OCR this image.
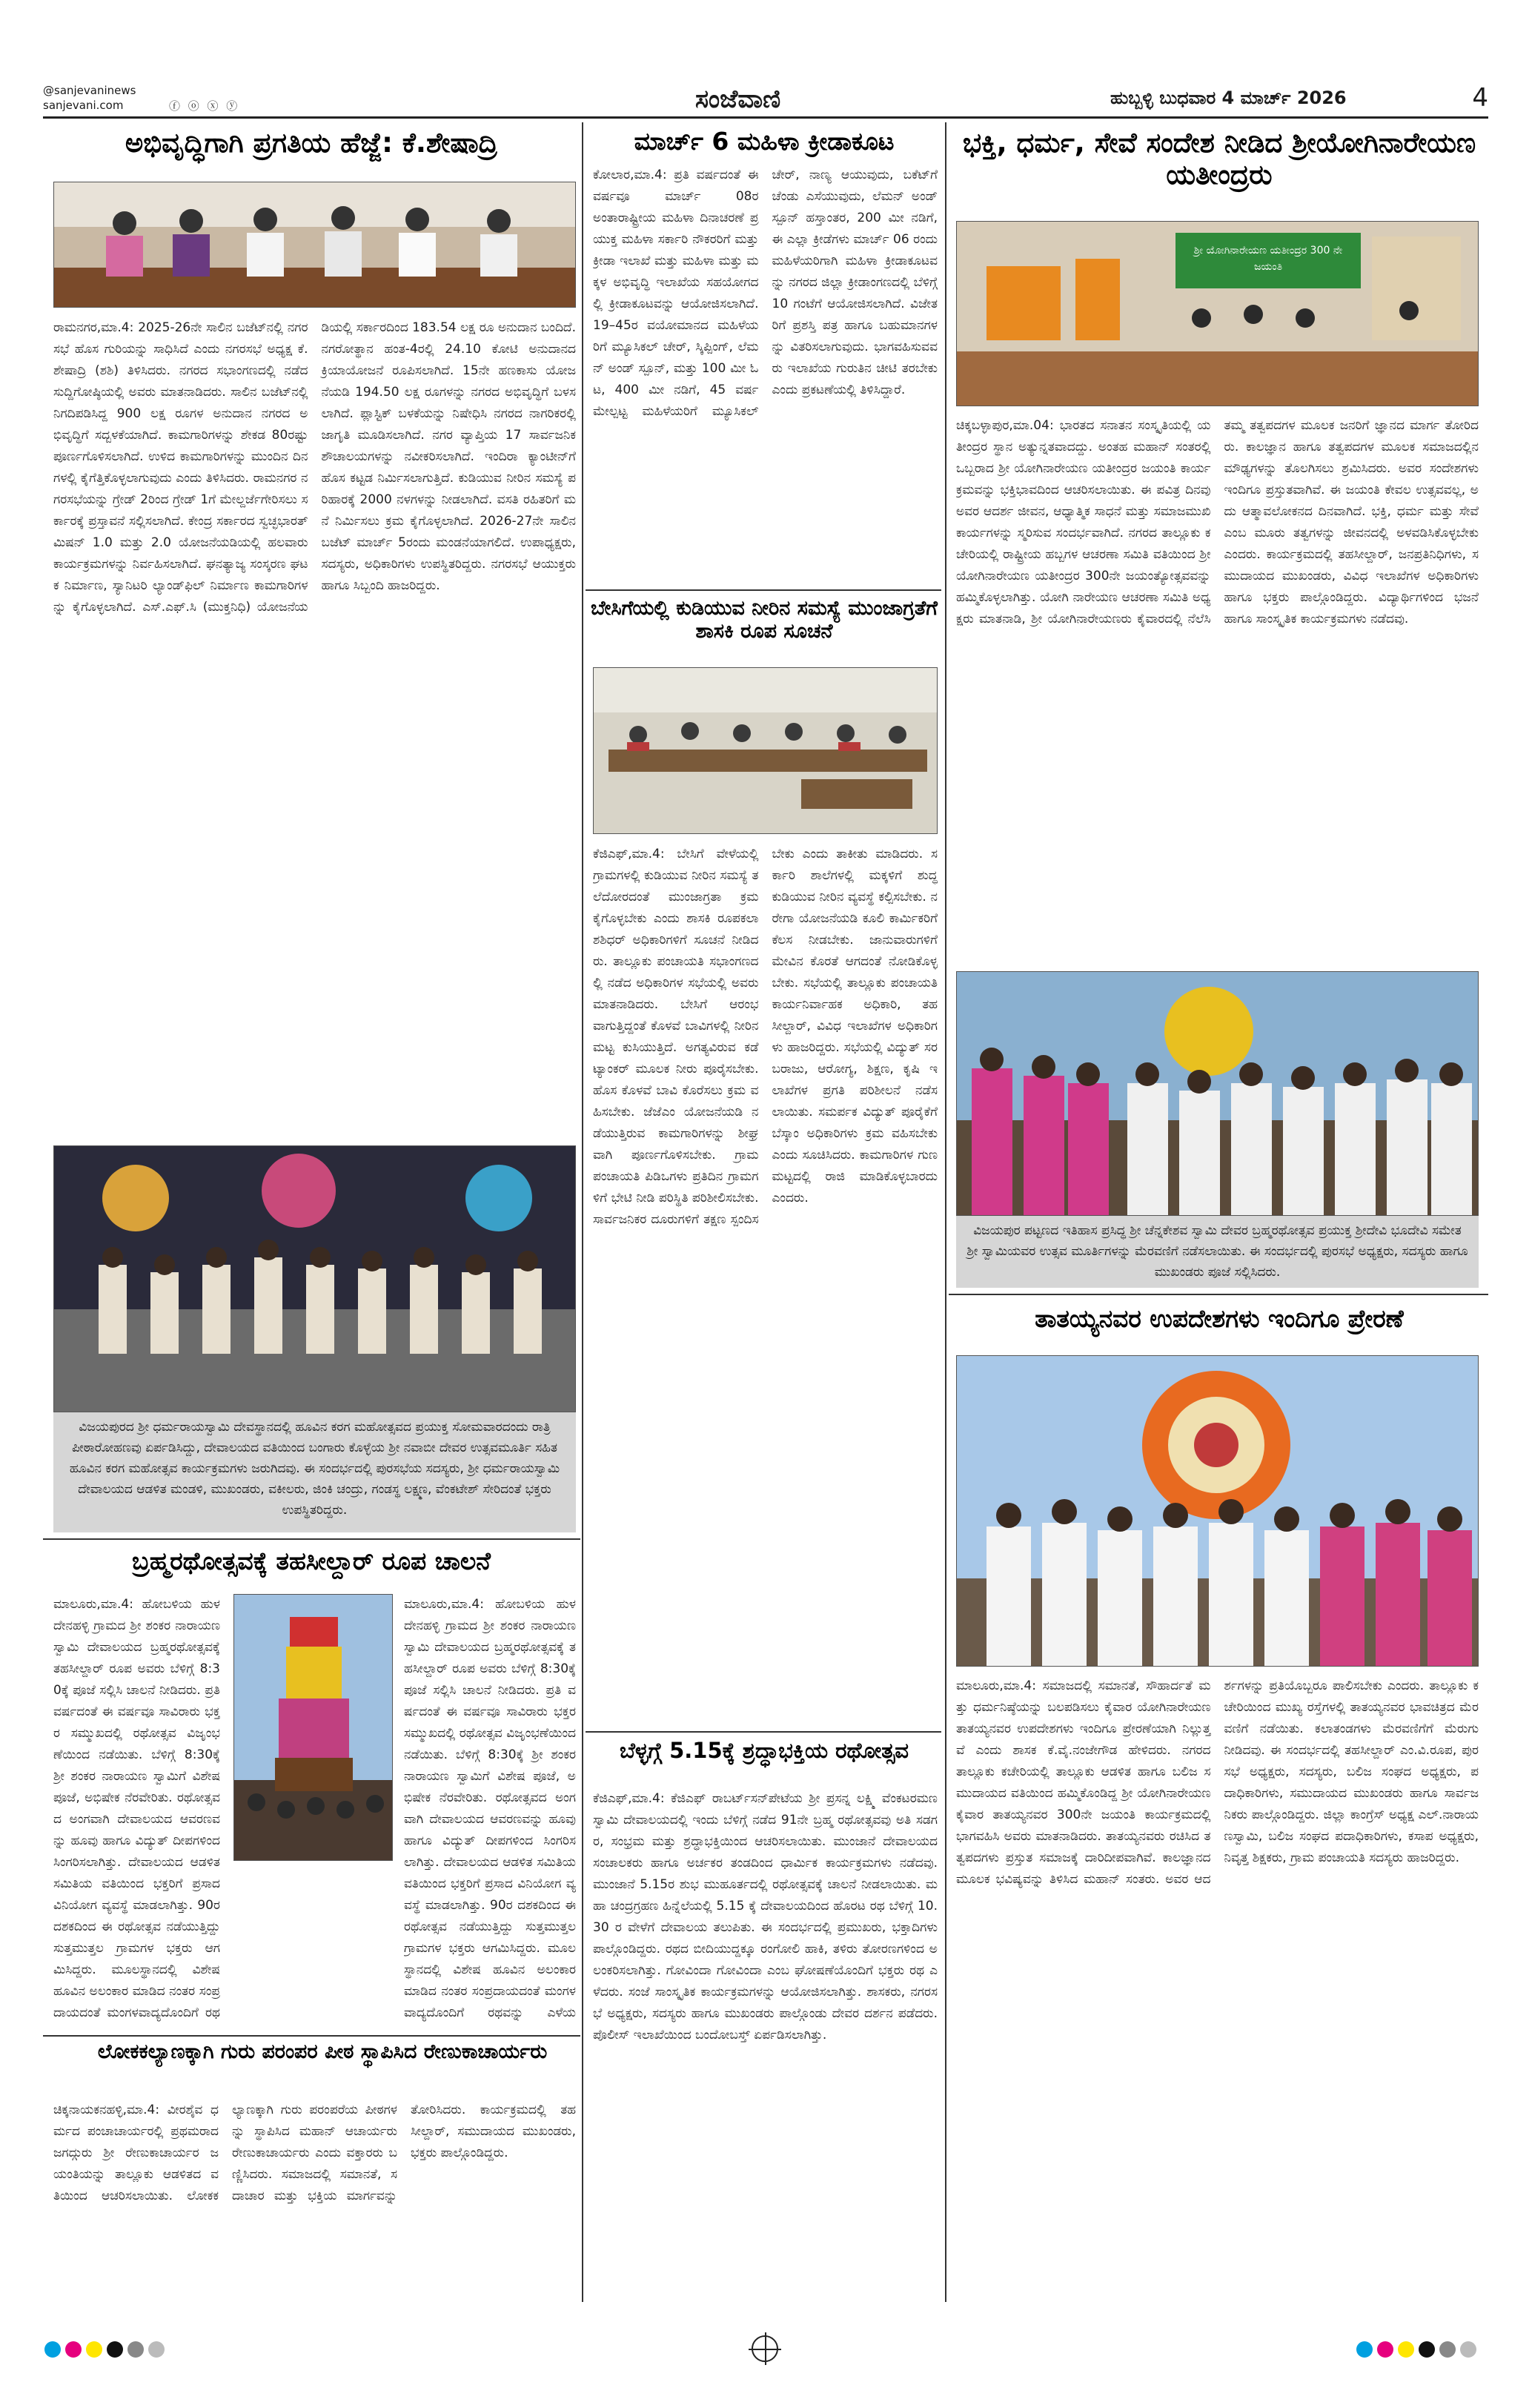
@sanjevaninews
sanjevani.com	ⓕ ⓞ ⓧ ⓨ	ಸಂಜೆವಾಣಿ	ಹುಬ್ಬಳ್ಳಿ ಬುಧವಾರ 4 ಮಾರ್ಚ್ 2026	4
ಅಭಿವೃದ್ಧಿಗಾಗಿ ಪ್ರಗತಿಯ ಹೆಜ್ಜೆ: ಕೆ.ಶೇಷಾದ್ರಿ
ರಾಮನಗರ,ಮಾ.4: 2025-26ನೇ ಸಾಲಿನ ಬಜೆಟ್‌ನಲ್ಲಿ ನಗರಸಭೆ ಹೊಸ ಗುರಿಯನ್ನು ಸಾಧಿಸಿದೆ ಎಂದು ನಗರಸಭೆ ಅಧ್ಯಕ್ಷ ಕೆ.ಶೇಷಾದ್ರಿ (ಶಶಿ) ತಿಳಿಸಿದರು. ನಗರದ ಸಭಾಂಗಣದಲ್ಲಿ ನಡೆದ ಸುದ್ದಿಗೋಷ್ಠಿಯಲ್ಲಿ ಅವರು ಮಾತನಾಡಿದರು. ಸಾಲಿನ ಬಜೆಟ್‌ನಲ್ಲಿ ನಿಗದಿಪಡಿಸಿದ್ದ 900 ಲಕ್ಷ ರೂಗಳ ಅನುದಾನ ನಗರದ ಅಭಿವೃದ್ಧಿಗೆ ಸದ್ಬಳಕೆಯಾಗಿದೆ. ಕಾಮಗಾರಿಗಳನ್ನು ಶೇಕಡ 80ರಷ್ಟು ಪೂರ್ಣಗೊಳಿಸಲಾಗಿದೆ. ಉಳಿದ ಕಾಮಗಾರಿಗಳನ್ನು ಮುಂದಿನ ದಿನಗಳಲ್ಲಿ ಕೈಗೆತ್ತಿಕೊಳ್ಳಲಾಗುವುದು ಎಂದು ತಿಳಿಸಿದರು. ರಾಮನಗರ ನಗರಸಭೆಯನ್ನು ಗ್ರೇಡ್ 2ರಿಂದ ಗ್ರೇಡ್ 1ಗೆ ಮೇಲ್ದರ್ಜೆಗೇರಿಸಲು ಸರ್ಕಾರಕ್ಕೆ ಪ್ರಸ್ತಾವನೆ ಸಲ್ಲಿಸಲಾಗಿದೆ. ಕೇಂದ್ರ ಸರ್ಕಾರದ ಸ್ವಚ್ಛಭಾರತ್ ಮಿಷನ್ 1.0 ಮತ್ತು 2.0 ಯೋಜನೆಯಡಿಯಲ್ಲಿ ಹಲವಾರು ಕಾರ್ಯಕ್ರಮಗಳನ್ನು ನಿರ್ವಹಿಸಲಾಗಿದೆ. ಘನತ್ಯಾಜ್ಯ ಸಂಸ್ಕರಣ ಘಟಕ ನಿರ್ಮಾಣ, ಸ್ಯಾನಿಟರಿ ಲ್ಯಾಂಡ್‌ಫಿಲ್ ನಿರ್ಮಾಣ ಕಾಮಗಾರಿಗಳನ್ನು ಕೈಗೊಳ್ಳಲಾಗಿದೆ. ಎಸ್.ಎಫ್.ಸಿ (ಮುಕ್ತನಿಧಿ) ಯೋಜನೆಯಡಿಯಲ್ಲಿ ಸರ್ಕಾರದಿಂದ 183.54 ಲಕ್ಷ ರೂ ಅನುದಾನ ಬಂದಿದೆ. ನಗರೋತ್ಥಾನ ಹಂತ-4ರಲ್ಲಿ 24.10 ಕೋಟಿ ಅನುದಾನದ ಕ್ರಿಯಾಯೋಜನೆ ರೂಪಿಸಲಾಗಿದೆ. 15ನೇ ಹಣಕಾಸು ಯೋಜನೆಯಡಿ 194.50 ಲಕ್ಷ ರೂಗಳನ್ನು ನಗರದ ಅಭಿವೃದ್ಧಿಗೆ ಬಳಸಲಾಗಿದೆ. ಪ್ಲಾಸ್ಟಿಕ್ ಬಳಕೆಯನ್ನು ನಿಷೇಧಿಸಿ ನಗರದ ನಾಗರಿಕರಲ್ಲಿ ಜಾಗೃತಿ ಮೂಡಿಸಲಾಗಿದೆ. ನಗರ ವ್ಯಾಪ್ತಿಯ 17 ಸಾರ್ವಜನಿಕ ಶೌಚಾಲಯಗಳನ್ನು ನವೀಕರಿಸಲಾಗಿದೆ. ಇಂದಿರಾ ಕ್ಯಾಂಟೀನ್‌ಗೆ ಹೊಸ ಕಟ್ಟಡ ನಿರ್ಮಿಸಲಾಗುತ್ತಿದೆ. ಕುಡಿಯುವ ನೀರಿನ ಸಮಸ್ಯೆ ಪರಿಹಾರಕ್ಕೆ 2000 ನಳಗಳನ್ನು ನೀಡಲಾಗಿದೆ. ವಸತಿ ರಹಿತರಿಗೆ ಮನೆ ನಿರ್ಮಿಸಲು ಕ್ರಮ ಕೈಗೊಳ್ಳಲಾಗಿದೆ. 2026-27ನೇ ಸಾಲಿನ ಬಜೆಟ್ ಮಾರ್ಚ್ 5ರಂದು ಮಂಡನೆಯಾಗಲಿದೆ. ಉಪಾಧ್ಯಕ್ಷರು, ಸದಸ್ಯರು, ಅಧಿಕಾರಿಗಳು ಉಪಸ್ಥಿತರಿದ್ದರು. ನಗರಸಭೆ ಆಯುಕ್ತರು ಹಾಗೂ ಸಿಬ್ಬಂದಿ ಹಾಜರಿದ್ದರು.
ವಿಜಯಪುರದ ಶ್ರೀ ಧರ್ಮರಾಯಸ್ವಾಮಿ ದೇವಸ್ಥಾನದಲ್ಲಿ ಹೂವಿನ ಕರಗ ಮಹೋತ್ಸವದ ಪ್ರಯುಕ್ತ ಸೋಮವಾರದಂದು ರಾತ್ರಿ ಪೀಠಾರೋಹಣವು ಏರ್ಪಡಿಸಿದ್ದು, ದೇವಾಲಯದ ವತಿಯಿಂದ ಬಂಗಾರು ಕೊಳ್ಳೆಯ ಶ್ರೀ ನವಾಬೀ ದೇವರ ಉತ್ಸವಮೂರ್ತಿ ಸಹಿತ ಹೂವಿನ ಕರಗ ಮಹೋತ್ಸವ ಕಾರ್ಯಕ್ರಮಗಳು ಜರುಗಿದವು. ಈ ಸಂದರ್ಭದಲ್ಲಿ ಪುರಸಭೆಯ ಸದಸ್ಯರು, ಶ್ರೀ ಧರ್ಮರಾಯಸ್ವಾಮಿ ದೇವಾಲಯದ ಆಡಳಿತ ಮಂಡಳಿ, ಮುಖಂಡರು, ವಕೀಲರು, ಜಿಂಕಿ ಚಂದ್ರು, ಗಂಡಸ್ಥ ಲಕ್ಷ್ಮಣ, ವೆಂಕಟೇಶ್ ಸೇರಿದಂತೆ ಭಕ್ತರು ಉಪಸ್ಥಿತರಿದ್ದರು.
ಬ್ರಹ್ಮರಥೋತ್ಸವಕ್ಕೆ ತಹಸೀಲ್ದಾರ್ ರೂಪ ಚಾಲನೆ
ಮಾಲೂರು,ಮಾ.4: ಹೋಬಳಿಯ ಹುಳದೇನಹಳ್ಳಿ ಗ್ರಾಮದ ಶ್ರೀ ಶಂಕರ ನಾರಾಯಣಸ್ವಾಮಿ ದೇವಾಲಯದ ಬ್ರಹ್ಮರಥೋತ್ಸವಕ್ಕೆ ತಹಸೀಲ್ದಾರ್ ರೂಪ ಅವರು ಬೆಳಿಗ್ಗೆ 8:30ಕ್ಕೆ ಪೂಜೆ ಸಲ್ಲಿಸಿ ಚಾಲನೆ ನೀಡಿದರು. ಪ್ರತಿ ವರ್ಷದಂತೆ ಈ ವರ್ಷವೂ ಸಾವಿರಾರು ಭಕ್ತರ ಸಮ್ಮುಖದಲ್ಲಿ ರಥೋತ್ಸವ ವಿಜೃಂಭಣೆಯಿಂದ ನಡೆಯಿತು. ಬೆಳಿಗ್ಗೆ 8:30ಕ್ಕೆ ಶ್ರೀ ಶಂಕರ ನಾರಾಯಣ ಸ್ವಾಮಿಗೆ ವಿಶೇಷ ಪೂಜೆ, ಅಭಿಷೇಕ ನೆರವೇರಿತು. ರಥೋತ್ಸವದ ಅಂಗವಾಗಿ ದೇವಾಲಯದ ಆವರಣವನ್ನು ಹೂವು ಹಾಗೂ ವಿದ್ಯುತ್ ದೀಪಗಳಿಂದ ಸಿಂಗರಿಸಲಾಗಿತ್ತು. ದೇವಾಲಯದ ಆಡಳಿತ ಸಮಿತಿಯ ವತಿಯಿಂದ ಭಕ್ತರಿಗೆ ಪ್ರಸಾದ ವಿನಿಯೋಗ ವ್ಯವಸ್ಥೆ ಮಾಡಲಾಗಿತ್ತು. 90ರ ದಶಕದಿಂದ ಈ ರಥೋತ್ಸವ ನಡೆಯುತ್ತಿದ್ದು ಸುತ್ತಮುತ್ತಲ ಗ್ರಾಮಗಳ ಭಕ್ತರು ಆಗಮಿಸಿದ್ದರು. ಮೂಲಸ್ಥಾನದಲ್ಲಿ ವಿಶೇಷ ಹೂವಿನ ಅಲಂಕಾರ ಮಾಡಿದ ನಂತರ ಸಂಪ್ರದಾಯದಂತೆ ಮಂಗಳವಾದ್ಯದೊಂದಿಗೆ ರಥ
ಮಾಲೂರು,ಮಾ.4: ಹೋಬಳಿಯ ಹುಳದೇನಹಳ್ಳಿ ಗ್ರಾಮದ ಶ್ರೀ ಶಂಕರ ನಾರಾಯಣಸ್ವಾಮಿ ದೇವಾಲಯದ ಬ್ರಹ್ಮರಥೋತ್ಸವಕ್ಕೆ ತಹಸೀಲ್ದಾರ್ ರೂಪ ಅವರು ಬೆಳಿಗ್ಗೆ 8:30ಕ್ಕೆ ಪೂಜೆ ಸಲ್ಲಿಸಿ ಚಾಲನೆ ನೀಡಿದರು. ಪ್ರತಿ ವರ್ಷದಂತೆ ಈ ವರ್ಷವೂ ಸಾವಿರಾರು ಭಕ್ತರ ಸಮ್ಮುಖದಲ್ಲಿ ರಥೋತ್ಸವ ವಿಜೃಂಭಣೆಯಿಂದ ನಡೆಯಿತು. ಬೆಳಿಗ್ಗೆ 8:30ಕ್ಕೆ ಶ್ರೀ ಶಂಕರ ನಾರಾಯಣ ಸ್ವಾಮಿಗೆ ವಿಶೇಷ ಪೂಜೆ, ಅಭಿಷೇಕ ನೆರವೇರಿತು. ರಥೋತ್ಸವದ ಅಂಗವಾಗಿ ದೇವಾಲಯದ ಆವರಣವನ್ನು ಹೂವು ಹಾಗೂ ವಿದ್ಯುತ್ ದೀಪಗಳಿಂದ ಸಿಂಗರಿಸಲಾಗಿತ್ತು. ದೇವಾಲಯದ ಆಡಳಿತ ಸಮಿತಿಯ ವತಿಯಿಂದ ಭಕ್ತರಿಗೆ ಪ್ರಸಾದ ವಿನಿಯೋಗ ವ್ಯವಸ್ಥೆ ಮಾಡಲಾಗಿತ್ತು. 90ರ ದಶಕದಿಂದ ಈ ರಥೋತ್ಸವ ನಡೆಯುತ್ತಿದ್ದು ಸುತ್ತಮುತ್ತಲ ಗ್ರಾಮಗಳ ಭಕ್ತರು ಆಗಮಿಸಿದ್ದರು. ಮೂಲಸ್ಥಾನದಲ್ಲಿ ವಿಶೇಷ ಹೂವಿನ ಅಲಂಕಾರ ಮಾಡಿದ ನಂತರ ಸಂಪ್ರದಾಯದಂತೆ ಮಂಗಳವಾದ್ಯದೊಂದಿಗೆ ರಥವನ್ನು ಎಳೆಯ
ಲೋಕಕಲ್ಯಾಣಕ್ಕಾಗಿ ಗುರು ಪರಂಪರ ಪೀಠ ಸ್ಥಾಪಿಸಿದ ರೇಣುಕಾಚಾರ್ಯರು
ಚಿಕ್ಕನಾಯಕನಹಳ್ಳಿ,ಮಾ.4: ವೀರಶೈವ ಧರ್ಮದ ಪಂಚಾಚಾರ್ಯರಲ್ಲಿ ಪ್ರಥಮರಾದ ಜಗದ್ಗುರು ಶ್ರೀ ರೇಣುಕಾಚಾರ್ಯರ ಜಯಂತಿಯನ್ನು ತಾಲ್ಲೂಕು ಆಡಳಿತದ ವತಿಯಿಂದ ಆಚರಿಸಲಾಯಿತು. ಲೋಕಕಲ್ಯಾಣಕ್ಕಾಗಿ ಗುರು ಪರಂಪರೆಯ ಪೀಠಗಳನ್ನು ಸ್ಥಾಪಿಸಿದ ಮಹಾನ್ ಆಚಾರ್ಯರು ರೇಣುಕಾಚಾರ್ಯರು ಎಂದು ವಕ್ತಾರರು ಬಣ್ಣಿಸಿದರು. ಸಮಾಜದಲ್ಲಿ ಸಮಾನತೆ, ಸದಾಚಾರ ಮತ್ತು ಭಕ್ತಿಯ ಮಾರ್ಗವನ್ನು ತೋರಿಸಿದರು. ಕಾರ್ಯಕ್ರಮದಲ್ಲಿ ತಹಸೀಲ್ದಾರ್, ಸಮುದಾಯದ ಮುಖಂಡರು, ಭಕ್ತರು ಪಾಲ್ಗೊಂಡಿದ್ದರು.
ಮಾರ್ಚ್ 6 ಮಹಿಳಾ ಕ್ರೀಡಾಕೂಟ
ಕೋಲಾರ,ಮಾ.4: ಪ್ರತಿ ವರ್ಷದಂತೆ ಈ ವರ್ಷವೂ ಮಾರ್ಚ್ 08ರ ಅಂತಾರಾಷ್ಟ್ರೀಯ ಮಹಿಳಾ ದಿನಾಚರಣೆ ಪ್ರಯುಕ್ತ ಮಹಿಳಾ ಸರ್ಕಾರಿ ನೌಕರರಿಗೆ ಮತ್ತು ಕ್ರೀಡಾ ಇಲಾಖೆ ಮತ್ತು ಮಹಿಳಾ ಮತ್ತು ಮಕ್ಕಳ ಅಭಿವೃದ್ಧಿ ಇಲಾಖೆಯ ಸಹಯೋಗದಲ್ಲಿ ಕ್ರೀಡಾಕೂಟವನ್ನು ಆಯೋಜಿಸಲಾಗಿದೆ. 19–45ರ ವಯೋಮಾನದ ಮಹಿಳೆಯರಿಗೆ ಮ್ಯೂಸಿಕಲ್ ಚೇರ್, ಸ್ಕಿಪ್ಪಿಂಗ್, ಲೆಮನ್ ಅಂಡ್ ಸ್ಪೂನ್, ಮತ್ತು 100 ಮೀ ಓಟ, 400 ಮೀ ನಡಿಗೆ, 45 ವರ್ಷ ಮೇಲ್ಪಟ್ಟ ಮಹಿಳೆಯರಿಗೆ ಮ್ಯೂಸಿಕಲ್ ಚೇರ್, ನಾಣ್ಯ ಆಯುವುದು, ಬಕೆಟ್‌ಗೆ ಚೆಂಡು ಎಸೆಯುವುದು, ಲೆಮನ್ ಅಂಡ್ ಸ್ಪೂನ್ ಹಸ್ತಾಂತರ, 200 ಮೀ ನಡಿಗೆ, ಈ ಎಲ್ಲಾ ಕ್ರೀಡೆಗಳು ಮಾರ್ಚ್ 06 ರಂದು ಮಹಿಳೆಯರಿಗಾಗಿ ಮಹಿಳಾ ಕ್ರೀಡಾಕೂಟವನ್ನು ನಗರದ ಜಿಲ್ಲಾ ಕ್ರೀಡಾಂಗಣದಲ್ಲಿ ಬೆಳಿಗ್ಗೆ 10 ಗಂಟೆಗೆ ಆಯೋಜಿಸಲಾಗಿದೆ. ವಿಜೇತರಿಗೆ ಪ್ರಶಸ್ತಿ ಪತ್ರ ಹಾಗೂ ಬಹುಮಾನಗಳನ್ನು ವಿತರಿಸಲಾಗುವುದು. ಭಾಗವಹಿಸುವವರು ಇಲಾಖೆಯ ಗುರುತಿನ ಚೀಟಿ ತರಬೇಕು ಎಂದು ಪ್ರಕಟಣೆಯಲ್ಲಿ ತಿಳಿಸಿದ್ದಾರೆ.
ಬೇಸಿಗೆಯಲ್ಲಿ ಕುಡಿಯುವ ನೀರಿನ ಸಮಸ್ಯೆ ಮುಂಜಾಗ್ರತೆಗೆ ಶಾಸಕಿ ರೂಪ ಸೂಚನೆ
ಕೆಜಿಎಫ್,ಮಾ.4: ಬೇಸಿಗೆ ವೇಳೆಯಲ್ಲಿ ಗ್ರಾಮಗಳಲ್ಲಿ ಕುಡಿಯುವ ನೀರಿನ ಸಮಸ್ಯೆ ತಲೆದೋರದಂತೆ ಮುಂಜಾಗ್ರತಾ ಕ್ರಮ ಕೈಗೊಳ್ಳಬೇಕು ಎಂದು ಶಾಸಕಿ ರೂಪಕಲಾ ಶಶಿಧರ್ ಅಧಿಕಾರಿಗಳಿಗೆ ಸೂಚನೆ ನೀಡಿದರು. ತಾಲ್ಲೂಕು ಪಂಚಾಯತಿ ಸಭಾಂಗಣದಲ್ಲಿ ನಡೆದ ಅಧಿಕಾರಿಗಳ ಸಭೆಯಲ್ಲಿ ಅವರು ಮಾತನಾಡಿದರು. ಬೇಸಿಗೆ ಆರಂಭವಾಗುತ್ತಿದ್ದಂತೆ ಕೊಳವೆ ಬಾವಿಗಳಲ್ಲಿ ನೀರಿನ ಮಟ್ಟ ಕುಸಿಯುತ್ತಿದೆ. ಅಗತ್ಯವಿರುವ ಕಡೆ ಟ್ಯಾಂಕರ್ ಮೂಲಕ ನೀರು ಪೂರೈಸಬೇಕು. ಹೊಸ ಕೊಳವೆ ಬಾವಿ ಕೊರೆಸಲು ಕ್ರಮ ವಹಿಸಬೇಕು. ಜೆಜೆಎಂ ಯೋಜನೆಯಡಿ ನಡೆಯುತ್ತಿರುವ ಕಾಮಗಾರಿಗಳನ್ನು ಶೀಘ್ರವಾಗಿ ಪೂರ್ಣಗೊಳಿಸಬೇಕು. ಗ್ರಾಮ ಪಂಚಾಯತಿ ಪಿಡಿಒಗಳು ಪ್ರತಿದಿನ ಗ್ರಾಮಗಳಿಗೆ ಭೇಟಿ ನೀಡಿ ಪರಿಸ್ಥಿತಿ ಪರಿಶೀಲಿಸಬೇಕು. ಸಾರ್ವಜನಿಕರ ದೂರುಗಳಿಗೆ ತಕ್ಷಣ ಸ್ಪಂದಿಸಬೇಕು ಎಂದು ತಾಕೀತು ಮಾಡಿದರು. ಸರ್ಕಾರಿ ಶಾಲೆಗಳಲ್ಲಿ ಮಕ್ಕಳಿಗೆ ಶುದ್ಧ ಕುಡಿಯುವ ನೀರಿನ ವ್ಯವಸ್ಥೆ ಕಲ್ಪಿಸಬೇಕು. ನರೇಗಾ ಯೋಜನೆಯಡಿ ಕೂಲಿ ಕಾರ್ಮಿಕರಿಗೆ ಕೆಲಸ ನೀಡಬೇಕು. ಜಾನುವಾರುಗಳಿಗೆ ಮೇವಿನ ಕೊರತೆ ಆಗದಂತೆ ನೋಡಿಕೊಳ್ಳಬೇಕು. ಸಭೆಯಲ್ಲಿ ತಾಲ್ಲೂಕು ಪಂಚಾಯತಿ ಕಾರ್ಯನಿರ್ವಾಹಕ ಅಧಿಕಾರಿ, ತಹಸೀಲ್ದಾರ್, ವಿವಿಧ ಇಲಾಖೆಗಳ ಅಧಿಕಾರಿಗಳು ಹಾಜರಿದ್ದರು. ಸಭೆಯಲ್ಲಿ ವಿದ್ಯುತ್ ಸರಬರಾಜು, ಆರೋಗ್ಯ, ಶಿಕ್ಷಣ, ಕೃಷಿ ಇಲಾಖೆಗಳ ಪ್ರಗತಿ ಪರಿಶೀಲನೆ ನಡೆಸಲಾಯಿತು. ಸಮರ್ಪಕ ವಿದ್ಯುತ್ ಪೂರೈಕೆಗೆ ಬೆಸ್ಕಾಂ ಅಧಿಕಾರಿಗಳು ಕ್ರಮ ವಹಿಸಬೇಕು ಎಂದು ಸೂಚಿಸಿದರು. ಕಾಮಗಾರಿಗಳ ಗುಣಮಟ್ಟದಲ್ಲಿ ರಾಜಿ ಮಾಡಿಕೊಳ್ಳಬಾರದು ಎಂದರು.
ಬೆಳ್ಳಗ್ಗೆ 5.15ಕ್ಕೆ ಶ್ರದ್ಧಾಭಕ್ತಿಯ ರಥೋತ್ಸವ
ಕೆಜಿಎಫ್,ಮಾ.4: ಕೆಜಿಎಫ್ ರಾಬರ್ಟ್‌ಸನ್‌ಪೇಟೆಯ ಶ್ರೀ ಪ್ರಸನ್ನ ಲಕ್ಷ್ಮಿ ವೆಂಕಟರಮಣಸ್ವಾಮಿ ದೇವಾಲಯದಲ್ಲಿ ಇಂದು ಬೆಳಿಗ್ಗೆ ನಡೆದ 91ನೇ ಬ್ರಹ್ಮ ರಥೋತ್ಸವವು ಅತಿ ಸಡಗರ, ಸಂಭ್ರಮ ಮತ್ತು ಶ್ರದ್ಧಾಭಕ್ತಿಯಿಂದ ಆಚರಿಸಲಾಯಿತು. ಮುಂಜಾನೆ ದೇವಾಲಯದ ಸಂಚಾಲಕರು ಹಾಗೂ ಅರ್ಚಕರ ತಂಡದಿಂದ ಧಾರ್ಮಿಕ ಕಾರ್ಯಕ್ರಮಗಳು ನಡೆದವು. ಮುಂಜಾನೆ 5.15ರ ಶುಭ ಮುಹೂರ್ತದಲ್ಲಿ ರಥೋತ್ಸವಕ್ಕೆ ಚಾಲನೆ ನೀಡಲಾಯಿತು. ಮಹಾ ಚಂದ್ರಗ್ರಹಣ ಹಿನ್ನೆಲೆಯಲ್ಲಿ 5.15 ಕ್ಕೆ ದೇವಾಲಯದಿಂದ ಹೊರಟ ರಥ ಬೆಳಿಗ್ಗೆ 10.30 ರ ವೇಳೆಗೆ ದೇವಾಲಯ ತಲುಪಿತು. ಈ ಸಂದರ್ಭದಲ್ಲಿ ಪ್ರಮುಖರು, ಭಕ್ತಾದಿಗಳು ಪಾಲ್ಗೊಂಡಿದ್ದರು. ರಥದ ಬೀದಿಯುದ್ದಕ್ಕೂ ರಂಗೋಲಿ ಹಾಕಿ, ತಳಿರು ತೋರಣಗಳಿಂದ ಅಲಂಕರಿಸಲಾಗಿತ್ತು. ಗೋವಿಂದಾ ಗೋವಿಂದಾ ಎಂಬ ಘೋಷಣೆಯೊಂದಿಗೆ ಭಕ್ತರು ರಥ ಎಳೆದರು. ಸಂಜೆ ಸಾಂಸ್ಕೃತಿಕ ಕಾರ್ಯಕ್ರಮಗಳನ್ನು ಆಯೋಜಿಸಲಾಗಿತ್ತು. ಶಾಸಕರು, ನಗರಸಭೆ ಅಧ್ಯಕ್ಷರು, ಸದಸ್ಯರು ಹಾಗೂ ಮುಖಂಡರು ಪಾಲ್ಗೊಂಡು ದೇವರ ದರ್ಶನ ಪಡೆದರು. ಪೊಲೀಸ್ ಇಲಾಖೆಯಿಂದ ಬಂದೋಬಸ್ತ್ ಏರ್ಪಡಿಸಲಾಗಿತ್ತು.
ಭಕ್ತಿ, ಧರ್ಮ, ಸೇವೆ ಸಂದೇಶ ನೀಡಿದ ಶ್ರೀಯೋಗಿನಾರೇಯಣ ಯತೀಂದ್ರರು
ಶ್ರೀ ಯೋಗಿನಾರೇಯಣ ಯತೀಂದ್ರರ 300 ನೇ ಜಯಂತಿ
ಚಿಕ್ಕಬಳ್ಳಾಪುರ,ಮಾ.04: ಭಾರತದ ಸನಾತನ ಸಂಸ್ಕೃತಿಯಲ್ಲಿ ಯತೀಂದ್ರರ ಸ್ಥಾನ ಅತ್ಯುನ್ನತವಾದದ್ದು. ಅಂತಹ ಮಹಾನ್ ಸಂತರಲ್ಲಿ ಒಬ್ಬರಾದ ಶ್ರೀ ಯೋಗಿನಾರೇಯಣ ಯತೀಂದ್ರರ ಜಯಂತಿ ಕಾರ್ಯಕ್ರಮವನ್ನು ಭಕ್ತಿಭಾವದಿಂದ ಆಚರಿಸಲಾಯಿತು. ಈ ಪವಿತ್ರ ದಿನವು ಅವರ ಆದರ್ಶ ಜೀವನ, ಆಧ್ಯಾತ್ಮಿಕ ಸಾಧನೆ ಮತ್ತು ಸಮಾಜಮುಖಿ ಕಾರ್ಯಗಳನ್ನು ಸ್ಮರಿಸುವ ಸಂದರ್ಭವಾಗಿದೆ. ನಗರದ ತಾಲ್ಲೂಕು ಕಚೇರಿಯಲ್ಲಿ ರಾಷ್ಟ್ರೀಯ ಹಬ್ಬಗಳ ಆಚರಣಾ ಸಮಿತಿ ವತಿಯಿಂದ ಶ್ರೀ ಯೋಗಿನಾರೇಯಣ ಯತೀಂದ್ರರ 300ನೇ ಜಯಂತ್ಯೋತ್ಸವವನ್ನು ಹಮ್ಮಿಕೊಳ್ಳಲಾಗಿತ್ತು. ಯೋಗಿ ನಾರೇಯಣ ಆಚರಣಾ ಸಮಿತಿ ಅಧ್ಯಕ್ಷರು ಮಾತನಾಡಿ, ಶ್ರೀ ಯೋಗಿನಾರೇಯಣರು ಕೈವಾರದಲ್ಲಿ ನೆಲೆಸಿ ತಮ್ಮ ತತ್ವಪದಗಳ ಮೂಲಕ ಜನರಿಗೆ ಜ್ಞಾನದ ಮಾರ್ಗ ತೋರಿದರು. ಕಾಲಜ್ಞಾನ ಹಾಗೂ ತತ್ವಪದಗಳ ಮೂಲಕ ಸಮಾಜದಲ್ಲಿನ ಮೌಢ್ಯಗಳನ್ನು ತೊಲಗಿಸಲು ಶ್ರಮಿಸಿದರು. ಅವರ ಸಂದೇಶಗಳು ಇಂದಿಗೂ ಪ್ರಸ್ತುತವಾಗಿವೆ. ಈ ಜಯಂತಿ ಕೇವಲ ಉತ್ಸವವಲ್ಲ, ಅದು ಆತ್ಮಾವಲೋಕನದ ದಿನವಾಗಿದೆ. ಭಕ್ತಿ, ಧರ್ಮ ಮತ್ತು ಸೇವೆ ಎಂಬ ಮೂರು ತತ್ವಗಳನ್ನು ಜೀವನದಲ್ಲಿ ಅಳವಡಿಸಿಕೊಳ್ಳಬೇಕು ಎಂದರು. ಕಾರ್ಯಕ್ರಮದಲ್ಲಿ ತಹಸೀಲ್ದಾರ್, ಜನಪ್ರತಿನಿಧಿಗಳು, ಸಮುದಾಯದ ಮುಖಂಡರು, ವಿವಿಧ ಇಲಾಖೆಗಳ ಅಧಿಕಾರಿಗಳು ಹಾಗೂ ಭಕ್ತರು ಪಾಲ್ಗೊಂಡಿದ್ದರು. ವಿದ್ಯಾರ್ಥಿಗಳಿಂದ ಭಜನೆ ಹಾಗೂ ಸಾಂಸ್ಕೃತಿಕ ಕಾರ್ಯಕ್ರಮಗಳು ನಡೆದವು.
ವಿಜಯಪುರ ಪಟ್ಟಣದ ಇತಿಹಾಸ ಪ್ರಸಿದ್ಧ ಶ್ರೀ ಚೆನ್ನಕೇಶವ ಸ್ವಾಮಿ ದೇವರ ಬ್ರಹ್ಮರಥೋತ್ಸವ ಪ್ರಯುಕ್ತ ಶ್ರೀದೇವಿ ಭೂದೇವಿ ಸಮೇತ ಶ್ರೀ ಸ್ವಾಮಿಯವರ ಉತ್ಸವ ಮೂರ್ತಿಗಳನ್ನು ಮೆರವಣಿಗೆ ನಡೆಸಲಾಯಿತು. ಈ ಸಂದರ್ಭದಲ್ಲಿ ಪುರಸಭೆ ಅಧ್ಯಕ್ಷರು, ಸದಸ್ಯರು ಹಾಗೂ ಮುಖಂಡರು ಪೂಜೆ ಸಲ್ಲಿಸಿದರು.
ತಾತಯ್ಯನವರ ಉಪದೇಶಗಳು ಇಂದಿಗೂ ಪ್ರೇರಣೆ
ಮಾಲೂರು,ಮಾ.4: ಸಮಾಜದಲ್ಲಿ ಸಮಾನತೆ, ಸೌಹಾರ್ದತೆ ಮತ್ತು ಧರ್ಮನಿಷ್ಠೆಯನ್ನು ಬಲಪಡಿಸಲು ಕೈವಾರ ಯೋಗಿನಾರೇಯಣ ತಾತಯ್ಯನವರ ಉಪದೇಶಗಳು ಇಂದಿಗೂ ಪ್ರೇರಣೆಯಾಗಿ ನಿಲ್ಲುತ್ತವೆ ಎಂದು ಶಾಸಕ ಕೆ.ವೈ.ನಂಜೇಗೌಡ ಹೇಳಿದರು. ನಗರದ ತಾಲ್ಲೂಕು ಕಚೇರಿಯಲ್ಲಿ ತಾಲ್ಲೂಕು ಆಡಳಿತ ಹಾಗೂ ಬಲಿಜ ಸಮುದಾಯದ ವತಿಯಿಂದ ಹಮ್ಮಿಕೊಂಡಿದ್ದ ಶ್ರೀ ಯೋಗಿನಾರೇಯಣ ಕೈವಾರ ತಾತಯ್ಯನವರ 300ನೇ ಜಯಂತಿ ಕಾರ್ಯಕ್ರಮದಲ್ಲಿ ಭಾಗವಹಿಸಿ ಅವರು ಮಾತನಾಡಿದರು. ತಾತಯ್ಯನವರು ರಚಿಸಿದ ತತ್ವಪದಗಳು ಪ್ರಸ್ತುತ ಸಮಾಜಕ್ಕೆ ದಾರಿದೀಪವಾಗಿವೆ. ಕಾಲಜ್ಞಾನದ ಮೂಲಕ ಭವಿಷ್ಯವನ್ನು ತಿಳಿಸಿದ ಮಹಾನ್ ಸಂತರು. ಅವರ ಆದರ್ಶಗಳನ್ನು ಪ್ರತಿಯೊಬ್ಬರೂ ಪಾಲಿಸಬೇಕು ಎಂದರು. ತಾಲ್ಲೂಕು ಕಚೇರಿಯಿಂದ ಮುಖ್ಯ ರಸ್ತೆಗಳಲ್ಲಿ ತಾತಯ್ಯನವರ ಭಾವಚಿತ್ರದ ಮೆರವಣಿಗೆ ನಡೆಯಿತು. ಕಲಾತಂಡಗಳು ಮೆರವಣಿಗೆಗೆ ಮೆರುಗು ನೀಡಿದವು. ಈ ಸಂದರ್ಭದಲ್ಲಿ ತಹಸೀಲ್ದಾರ್ ಎಂ.ವಿ.ರೂಪ, ಪುರಸಭೆ ಅಧ್ಯಕ್ಷರು, ಸದಸ್ಯರು, ಬಲಿಜ ಸಂಘದ ಅಧ್ಯಕ್ಷರು, ಪದಾಧಿಕಾರಿಗಳು, ಸಮುದಾಯದ ಮುಖಂಡರು ಹಾಗೂ ಸಾರ್ವಜನಿಕರು ಪಾಲ್ಗೊಂಡಿದ್ದರು. ಜಿಲ್ಲಾ ಕಾಂಗ್ರೆಸ್ ಅಧ್ಯಕ್ಷ ಎಲ್.ನಾರಾಯಣಸ್ವಾಮಿ, ಬಲಿಜ ಸಂಘದ ಪದಾಧಿಕಾರಿಗಳು, ಕಸಾಪ ಅಧ್ಯಕ್ಷರು, ನಿವೃತ್ತ ಶಿಕ್ಷಕರು, ಗ್ರಾಮ ಪಂಚಾಯತಿ ಸದಸ್ಯರು ಹಾಜರಿದ್ದರು.
